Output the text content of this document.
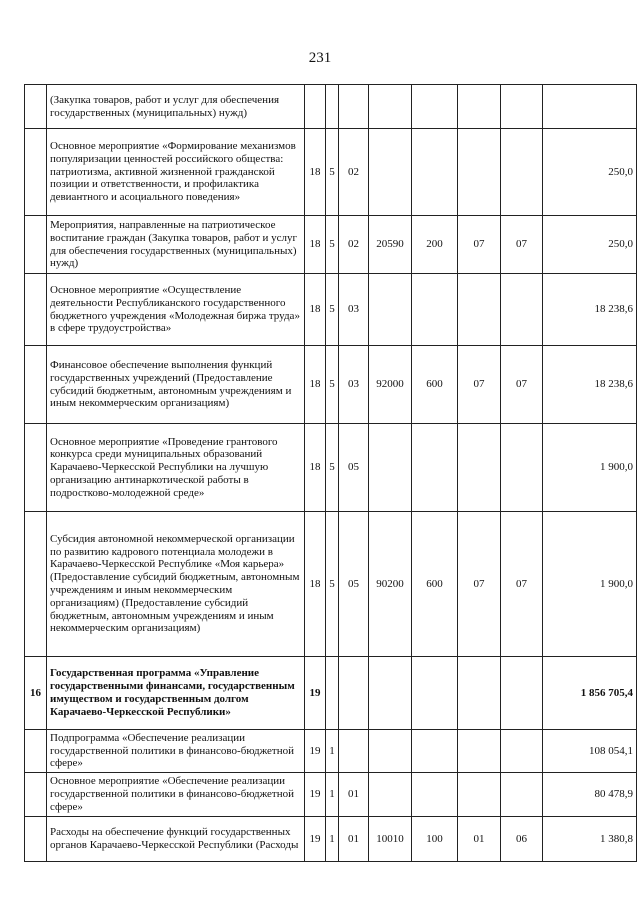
231
	(Закупка товаров, работ и услуг для обеспечения государственных (муниципальных) нужд)								
	Основное мероприятие «Формирование механизмов популяризации ценностей российского общества: патриотизма, активной жизненной гражданской позиции и ответственности, и профилактика девиантного и асоциального поведения»	18	5	02					250,0
	Мероприятия, направленные на патриотическое воспитание граждан (Закупка товаров, работ и услуг для обеспечения государственных (муниципальных) нужд)	18	5	02	20590	200	07	07	250,0
	Основное мероприятие «Осуществление деятельности Республиканского государственного бюджетного учреждения «Молодежная биржа труда» в сфере трудоустройства»	18	5	03					18 238,6
	Финансовое обеспечение выполнения функций государственных учреждений (Предоставление субсидий бюджетным, автономным учреждениям и иным некоммерческим организациям)	18	5	03	92000	600	07	07	18 238,6
	Основное мероприятие «Проведение грантового конкурса среди муниципальных образований Карачаево-Черкесской Республики на лучшую организацию антинаркотической работы в подростково-молодежной среде»	18	5	05					1 900,0
	Субсидия автономной некоммерческой организации по развитию кадрового потенциала молодежи в Карачаево-Черкесской Республике «Моя карьера» (Предоставление субсидий бюджетным, автономным учреждениям и иным некоммерческим организациям) (Предоставление субсидий бюджетным, автономным учреждениям и иным некоммерческим организациям)	18	5	05	90200	600	07	07	1 900,0
16	Государственная программа «Управление государственными финансами, государственным имуществом и государственным долгом Карачаево-Черкесской Республики»	19							1 856 705,4
	Подпрограмма «Обеспечение реализации государственной политики в финансово-бюджетной сфере»	19	1						108 054,1
	Основное мероприятие «Обеспечение реализации государственной политики в финансово-бюджетной сфере»	19	1	01					80 478,9
	Расходы на обеспечение функций государственных органов Карачаево-Черкесской Республики (Расходы	19	1	01	10010	100	01	06	1 380,8
